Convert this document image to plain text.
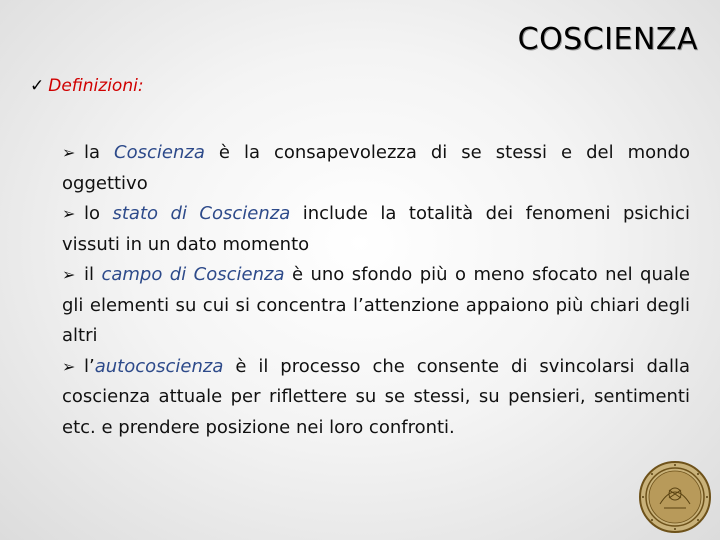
COSCIENZA
✓ Definizioni:
➢ la Coscienza è la consapevolezza di se stessi e del mondo oggettivo
➢ lo stato di Coscienza include la totalità dei fenomeni psichici vissuti in un dato momento
➢ il campo di Coscienza è uno sfondo più o meno sfocato nel quale gli elementi su cui si concentra l’attenzione appaiono più chiari degli altri
➢ l’autocoscienza è il processo che consente di svincolarsi dalla coscienza attuale per riflettere su se stessi, su pensieri, sentimenti etc. e prendere posizione nei loro confronti.
